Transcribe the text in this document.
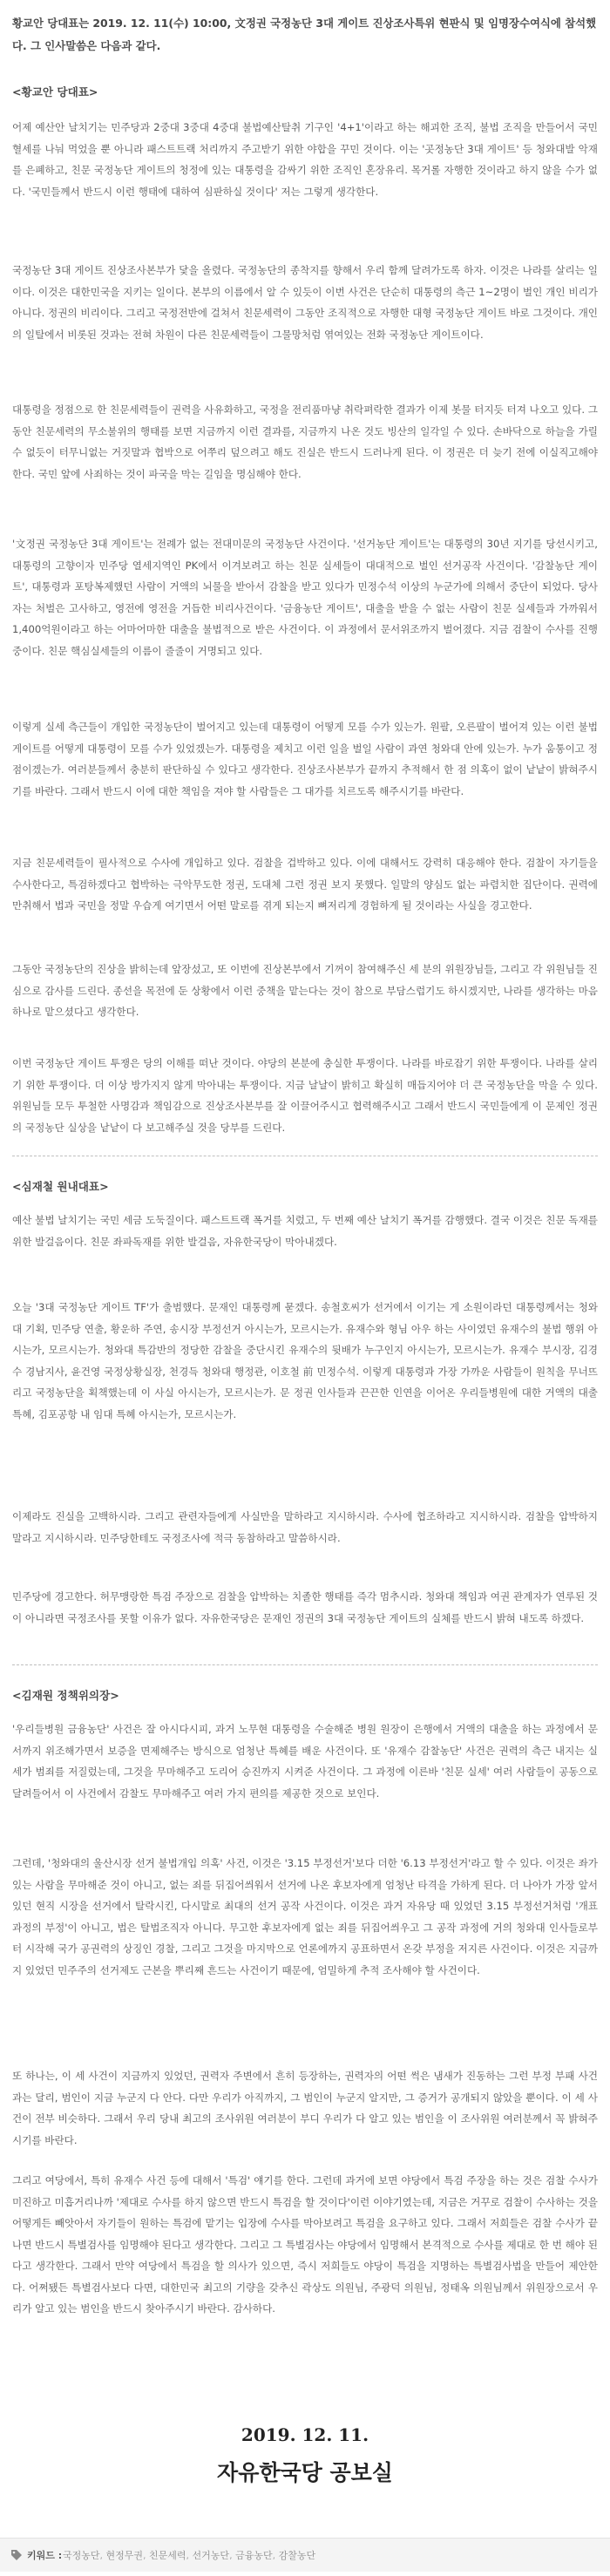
황교안 당대표는 2019. 12. 11(수) 10:00, 文정권 국정농단 3대 게이트 진상조사특위 현판식 및 임명장수여식에 참석했다. 그 인사말씀은 다음과 같다.
<황교안 당대표>

어제 예산안 날치기는 민주당과 2중대 3중대 4중대 불법예산탈취 기구인 '4+1'이라고 하는 해괴한 조직, 불법 조직을 만들어서 국민혈세를 나눠 먹었을 뿐 아니라 패스트트랙 처리까지 주고받기 위한 야합을 꾸민 것이다. 이는 '곳정농단 3대 게이트' 등 청와대발 악재를 은폐하고, 친문 국정농단 게이트의 청정에 있는 대통령을 감싸기 위한 조직인 혼장유리. 목거롤 자행한 것이라고 하지 않을 수가 없다. '국민들께서 반드시 이런 행태에 대하여 심판하실 것이다' 저는 그렇게 생각한다.

국정농단 3대 게이트 진상조사본부가 닻을 올렸다. 국정농단의 종착지를 향해서 우리 함께 달려가도록 하자. 이것은 나라를 살리는 일이다. 이것은 대한민국을 지키는 일이다. 본부의 이름에서 알 수 있듯이 이번 사건은 단순히 대통령의 측근 1~2명이 벌인 개인 비리가 아니다. 정권의 비리이다. 그리고 국정전반에 걸쳐서 친문세력이 그동안 조직적으로 자행한 대형 국정농단 게이트 바로 그것이다. 개인의 일탈에서 비롯된 것과는 전혀 차원이 다른 친문세력들이 그물망처럼 엮여있는 전화 국정농단 게이트이다.

대통령을 정점으로 한 친문세력들이 권력을 사유화하고, 국정을 전리품마냥 취락펴락한 결과가 이제 봇물 터지듯 터져 나오고 있다. 그동안 친문세력의 무소불위의 행태를 보면 지금까지 이런 결과를, 지금까지 나온 것도 빙산의 일각일 수 있다. 손바닥으로 하늘을 가릴 수 없듯이 터무니없는 거짓말과 협박으로 어쭈리 덮으려고 해도 진실은 반드시 드러나게 된다. 이 정권은 더 늦기 전에 이실직고해야 한다. 국민 앞에 사죄하는 것이 파국을 막는 길임을 명심해야 한다.

'文정권 국정농단 3대 게이트'는 전례가 없는 전대미문의 국정농단 사건이다. '선거농단 게이트'는 대통령의 30년 지기를 당선시키고, 대통령의 고향이자 민주당 열세지역인 PK에서 이겨보려고 하는 친문 실세들이 대대적으로 벌인 선거공작 사건이다. '감찰농단 게이트', 대통령과 포탕복제했던 사람이 거액의 뇌물을 받아서 감찰을 받고 있다가 민정수석 이상의 누군가에 의해서 중단이 되었다. 당사자는 처벌은 고사하고, 영전에 영전을 거듭한 비리사건이다. '금융농단 게이트', 대출을 받을 수 없는 사람이 친문 실세들과 가까워서 1,400억원이라고 하는 어마어마한 대출을 불법적으로 받은 사건이다. 이 과정에서 문서위조까지 벌어졌다. 지금 검찰이 수사를 진행 중이다. 친문 핵심실세들의 이름이 줄줄이 거명되고 있다.

이렇게 실세 측근들이 개입한 국정농단이 벌어지고 있는데 대통령이 어떻게 모를 수가 있는가. 원팔, 오른팔이 벌어져 있는 이런 불법 게이트를 어떻게 대통령이 모를 수가 있었겠는가. 대통령을 제치고 이런 일을 벌일 사람이 과연 청와대 안에 있는가. 누가 움통이고 정점이겠는가. 여러분들께서 충분히 판단하실 수 있다고 생각한다. 진상조사본부가 끝까지 추적해서 한 점 의혹이 없이 낱낱이 밝혀주시기를 바란다. 그래서 반드시 이에 대한 책임을 져야 할 사람들은 그 대가를 치르도록 해주시기를 바란다.

지금 친문세력들이 필사적으로 수사에 개입하고 있다. 검찰을 겁박하고 있다. 이에 대해서도 강력히 대응해야 한다. 검찰이 자기들을 수사한다고, 특검하겠다고 협박하는 극악무도한 정권, 도대체 그런 정권 보지 못했다. 일말의 양심도 없는 파렴치한 집단이다. 권력에 만취해서 법과 국민을 정말 우습게 여기면서 어떤 말로를 겪게 되는지 뼈저리게 경험하게 될 것이라는 사실을 경고한다.

그동안 국정농단의 진상을 밝히는데 앞장섰고, 또 이번에 진상본부에서 기꺼이 참여해주신 세 분의 위원장님들, 그리고 각 위원님들 진심으로 감사를 드린다. 종선을 목전에 둔 상황에서 이런 중책을 맡는다는 것이 참으로 부담스럽기도 하시겠지만, 나라를 생각하는 마음 하나로 맡으셨다고 생각한다.

이번 국정농단 게이트 투쟁은 당의 이해를 떠난 것이다. 야당의 본분에 충실한 투쟁이다. 나라를 바로잡기 위한 투쟁이다. 나라를 살리기 위한 투쟁이다. 더 이상 방가지지 않게 막아내는 투쟁이다. 지금 날날이 밝히고 확실히 매듭지어야 더 큰 국정농단을 막을 수 있다. 위원님들 모두 투철한 사명감과 책임감으로 진상조사본부를 잘 이끌어주시고 협력해주시고 그래서 반드시 국민들에게 이 문제인 정권의 국정농단 실상을 낱낱이 다 보고해주실 것을 당부를 드린다.

<심재철 원내대표>

예산 불법 날치기는 국민 세금 도둑질이다. 패스트트랙 폭거를 치렀고, 두 번째 예산 날치기 폭거를 감행했다. 결국 이것은 친문 독재를 위한 발걸음이다. 친문 좌파독재를 위한 발걸음, 자유한국당이 막아내겠다.

오늘 '3대 국정농단 게이트 TF'가 출범했다. 문재인 대통령께 묻겠다. 송철호씨가 선거에서 이기는 게 소원이라던 대통령께서는 청와대 기획, 민주당 연출, 황운하 주연, 송시장 부정선거 아시는가, 모르시는가. 유재수와 형님 아우 하는 사이였던 유재수의 불법 행위 아시는가, 모르시는가. 청와대 특감반의 정당한 감찰을 중단시킨 유재수의 뒷배가 누구인지 아시는가, 모르시는가. 유재수 부시장, 김경수 경남지사, 윤건영 국정상황실장, 천경득 청와대 행정관, 이호철 前 민정수석. 이렇게 대통령과 가장 가까운 사람들이 원칙을 무너뜨리고 국정농단을 획책했는데 이 사실 아시는가, 모르시는가. 문 정권 인사들과 끈끈한 인연을 이어온 우리들병원에 대한 거액의 대출 특혜, 김포공항 내 임대 특혜 아시는가, 모르시는가.

이제라도 진실을 고백하시라. 그리고 관련자들에게 사실만을 말하라고 지시하시라. 수사에 협조하라고 지시하시라. 검찰을 압박하지 말라고 지시하시라. 민주당한테도 국정조사에 적극 동참하라고 말씀하시라.

민주당에 경고한다. 허무맹랑한 특검 주장으로 검찰을 압박하는 치졸한 행태를 즉각 멈추시라. 청와대 책임과 여권 관계자가 연루된 것이 아니라면 국정조사를 못할 이유가 없다. 자유한국당은 문재인 정권의 3대 국정농단 게이트의 실체를 반드시 밝혀 내도록 하겠다.

<김재원 정책위의장>

'우리들병원 금융농단' 사건은 잘 아시다시피, 과거 노무현 대통령을 수술해준 병원 원장이 은행에서 거액의 대출을 하는 과정에서 문서까지 위조해가면서 보증을 면제해주는 방식으로 엄청난 특혜를 배운 사건이다. 또 '유재수 감찰농단' 사건은 권력의 측근 내지는 실세가 범죄를 저질렀는데, 그것을 무마해주고 도리어 승진까지 시켜준 사건이다. 그 과정에 이른바 '친문 실세' 여러 사람들이 공동으로 달려들어서 이 사건에서 감찰도 무마해주고 여러 가지 편의를 제공한 것으로 보인다.

그런데, '청와대의 울산시장 선거 불법개입 의혹' 사건, 이것은 '3.15 부정선거'보다 더한 '6.13 부정선거'라고 할 수 있다. 이것은 좌가 있는 사람을 무마해준 것이 아니고, 없는 죄를 뒤집어씌워서 선거에 나온 후보자에게 엄청난 타격을 가하게 된다. 더 나아가 가장 앞서 있던 현직 시장을 선거에서 탈락시킨, 다시말로 최대의 선거 공작 사건이다. 이것은 과거 자유당 때 있었던 3.15 부정선거처럼 '개표 과정의 부정'이 아니고, 법은 탈법조직자 아니다. 무고한 후보자에게 없는 죄를 뒤집어씌우고 그 공작 과정에 거의 청와대 인사들로부터 시작해 국가 공권력의 상징인 경찰, 그리고 그것을 마지막으로 언론에까지 공표하면서 온갖 부정을 저지른 사건이다. 이것은 지금까지 있었던 민주주의 선거제도 근본을 뿌리째 흔드는 사건이기 때문에, 엄밀하게 추적 조사해야 할 사건이다.

또 하나는, 이 세 사건이 지금까지 있었던, 권력자 주변에서 흔히 등장하는, 권력자의 어떤 썩은 냄새가 진동하는 그런 부정 부패 사건과는 달리, 범인이 지금 누군지 다 안다. 다만 우리가 아직까지, 그 범인이 누군지 알지만, 그 증거가 공개되지 않았을 뿐이다. 이 세 사건이 전부 비슷하다. 그래서 우리 당내 최고의 조사위원 여러분이 부디 우리가 다 알고 있는 범인을 이 조사위원 여러분께서 꼭 밝혀주시기를 바란다.

그리고 여당에서, 특히 유재수 사건 등에 대해서 '특검' 얘기를 한다. 그런데 과거에 보면 야당에서 특검 주장을 하는 것은 검찰 수사가 미진하고 미흡거리나까 '제대로 수사를 하지 않으면 반드시 특검을 할 것이다'이런 이야기였는데, 지금은 거꾸로 검찰이 수사하는 것을 어떻게든 빼앗아서 자기들이 원하는 특검에 맡기는 입장에 수사를 막아보려고 특검을 요구하고 있다. 그래서 저희들은 검찰 수사가 끝나면 반드시 특별검사를 임명해야 된다고 생각한다. 그리고 그 특별검사는 야당에서 임명해서 본격적으로 수사를 제대로 한 번 해야 된다고 생각한다. 그래서 만약 여당에서 특검을 할 의사가 있으면, 즉시 저희들도 야당이 특검을 지명하는 특별검사법을 만들어 제안한다. 어쩌됐든 특별검사보다 다면, 대한민국 최고의 기량을 갖추신 곽상도 의원님, 주광덕 의원님, 정태옥 의원님께서 위원장으로서 우리가 알고 있는 범인을 반드시 찾아주시기 바란다. 감사하다.

2019. 12. 11.
자유한국당 공보실
키워드 : 국정농단, 현정무권, 친문세력, 선거농단, 금융농단, 감찰농단
